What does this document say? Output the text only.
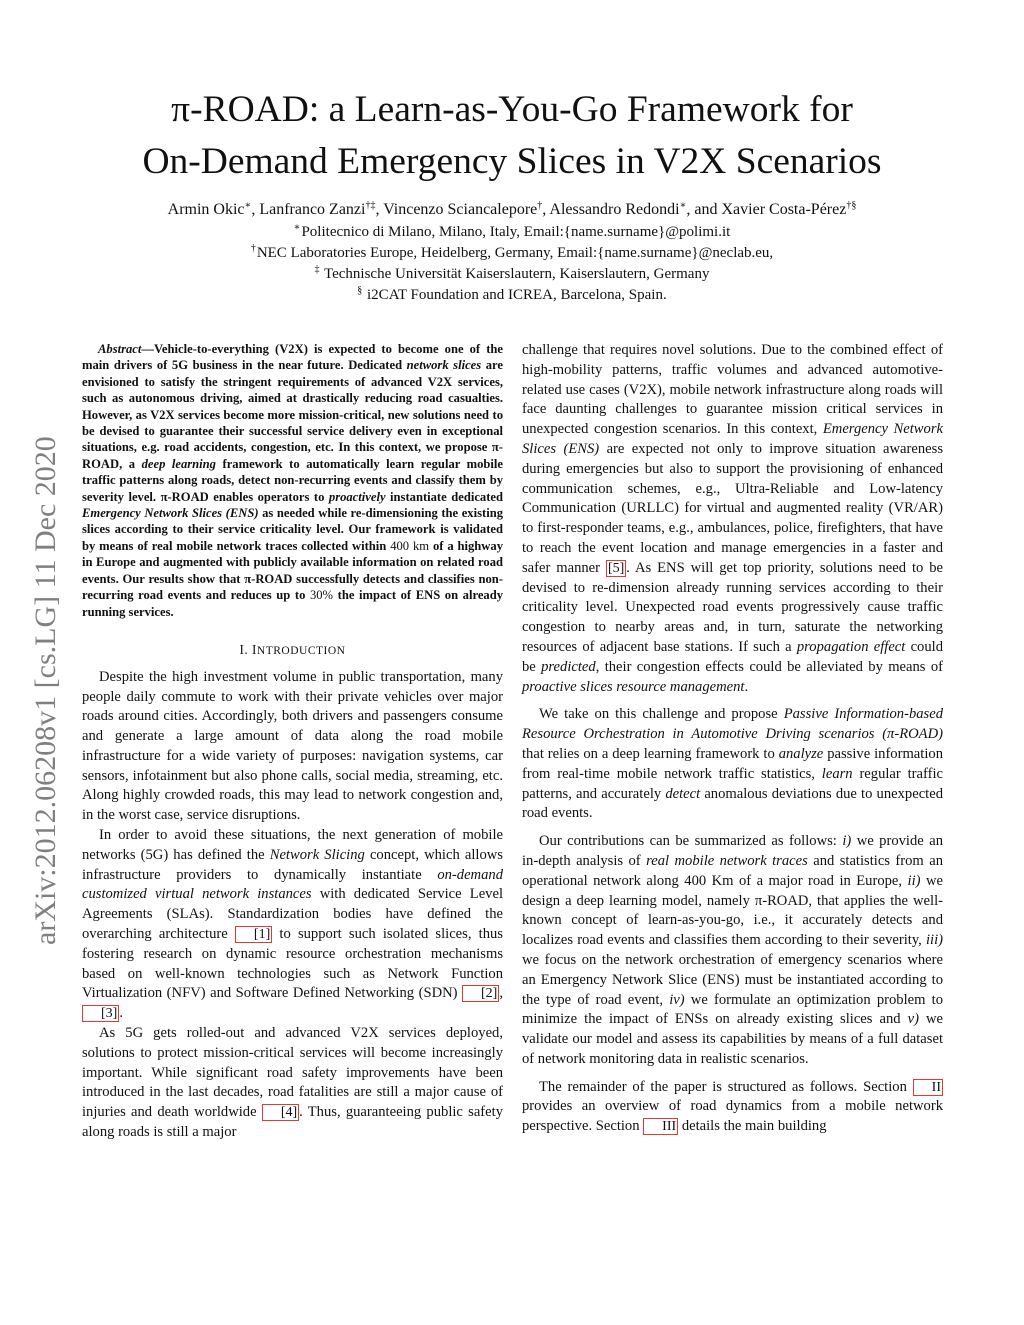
π-ROAD: a Learn-as-You-Go Framework for
On-Demand Emergency Slices in V2X Scenarios
Armin Okic∗, Lanfranco Zanzi†‡, Vincenzo Sciancalepore†, Alessandro Redondi∗, and Xavier Costa-Pérez†§
∗Politecnico di Milano, Milano, Italy, Email:{name.surname}@polimi.it
†NEC Laboratories Europe, Heidelberg, Germany, Email:{name.surname}@neclab.eu,
‡ Technische Universität Kaiserslautern, Kaiserslautern, Germany
§ i2CAT Foundation and ICREA, Barcelona, Spain.
arXiv:2012.06208v1 [cs.LG] 11 Dec 2020

Abstract—Vehicle-to-everything (V2X) is expected to become one of the main drivers of 5G business in the near future. Dedicated network slices are envisioned to satisfy the stringent requirements of advanced V2X services, such as autonomous driving, aimed at drastically reducing road casualties. However, as V2X services become more mission-critical, new solutions need to be devised to guarantee their successful service delivery even in exceptional situations, e.g. road accidents, congestion, etc. In this context, we propose π-ROAD, a deep learning framework to automatically learn regular mobile traffic patterns along roads, detect non-recurring events and classify them by severity level. π-ROAD enables operators to proactively instantiate dedicated Emergency Network Slices (ENS) as needed while re-dimensioning the existing slices according to their service criticality level. Our framework is validated by means of real mobile network traces collected within 400 km of a highway in Europe and augmented with publicly available information on related road events. Our results show that π-ROAD successfully detects and classifies non-recurring road events and reduces up to 30% the impact of ENS on already running services.

I. INTRODUCTION

Despite the high investment volume in public transportation, many people daily commute to work with their private vehicles over major roads around cities. Accordingly, both drivers and passengers consume and generate a large amount of data along the road mobile infrastructure for a wide variety of purposes: navigation systems, car sensors, infotainment but also phone calls, social media, streaming, etc. Along highly crowded roads, this may lead to network congestion and, in the worst case, service disruptions.

In order to avoid these situations, the next generation of mobile networks (5G) has defined the Network Slicing concept, which allows infrastructure providers to dynamically instantiate on-demand customized virtual network instances with dedicated Service Level Agreements (SLAs). Standardization bodies have defined the overarching architecture [1] to support such isolated slices, thus fostering research on dynamic resource orchestration mechanisms based on well-known technologies such as Network Function Virtualization (NFV) and Software Defined Networking (SDN) [2] , [3] .

As 5G gets rolled-out and advanced V2X services deployed, solutions to protect mission-critical services will become increasingly important. While significant road safety improvements have been introduced in the last decades, road fatalities are still a major cause of injuries and death worldwide [4] . Thus, guaranteeing public safety along roads is still a major

challenge that requires novel solutions. Due to the combined effect of high-mobility patterns, traffic volumes and advanced automotive-related use cases (V2X), mobile network infrastructure along roads will face daunting challenges to guarantee mission critical services in unexpected congestion scenarios. In this context, Emergency Network Slices (ENS) are expected not only to improve situation awareness during emergencies but also to support the provisioning of enhanced communication schemes, e.g., Ultra-Reliable and Low-latency Communication (URLLC) for virtual and augmented reality (VR/AR) to first-responder teams, e.g., ambulances, police, firefighters, that have to reach the event location and manage emergencies in a faster and safer manner [5] . As ENS will get top priority, solutions need to be devised to re-dimension already running services according to their criticality level. Unexpected road events progressively cause traffic congestion to nearby areas and, in turn, saturate the networking resources of adjacent base stations. If such a propagation effect could be predicted, their congestion effects could be alleviated by means of proactive slices resource management.

We take on this challenge and propose Passive Information-based Resource Orchestration in Automotive Driving scenarios (π-ROAD) that relies on a deep learning framework to analyze passive information from real-time mobile network traffic statistics, learn regular traffic patterns, and accurately detect anomalous deviations due to unexpected road events.

Our contributions can be summarized as follows: i) we provide an in-depth analysis of real mobile network traces and statistics from an operational network along 400 Km of a major road in Europe, ii) we design a deep learning model, namely π-ROAD, that applies the well-known concept of learn-as-you-go, i.e., it accurately detects and localizes road events and classifies them according to their severity, iii) we focus on the network orchestration of emergency scenarios where an Emergency Network Slice (ENS) must be instantiated according to the type of road event, iv) we formulate an optimization problem to minimize the impact of ENSs on already existing slices and v) we validate our model and assess its capabilities by means of a full dataset of network monitoring data in realistic scenarios.

The remainder of the paper is structured as follows. Section II provides an overview of road dynamics from a mobile network perspective. Section III details the main building
